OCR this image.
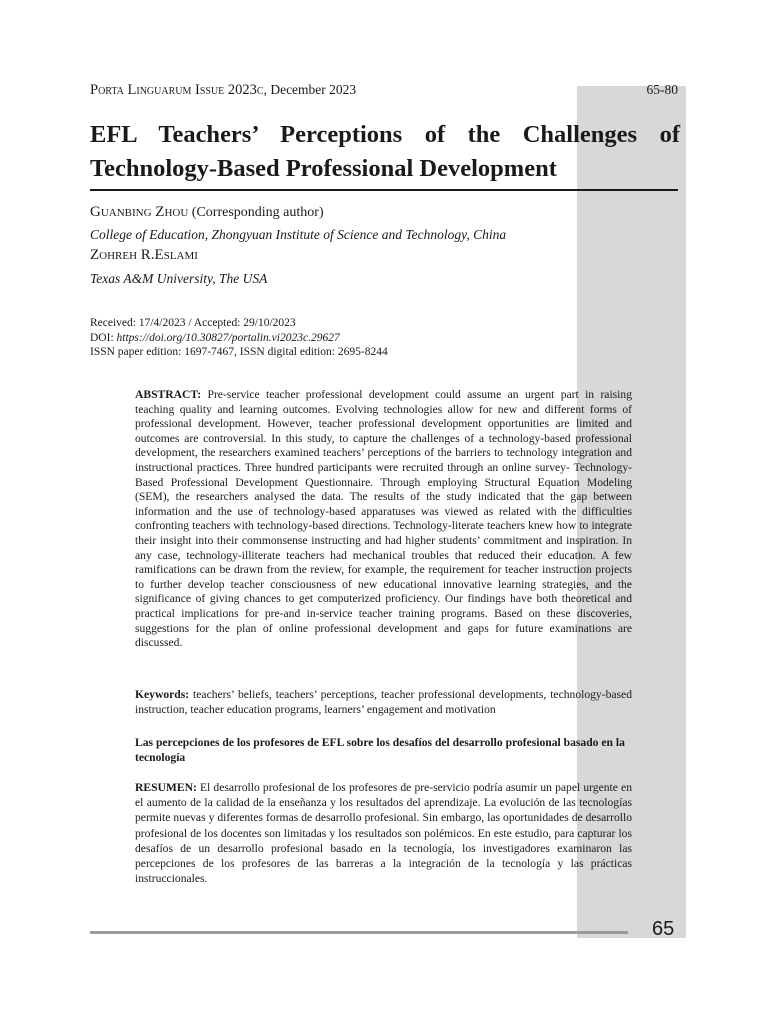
Porta Linguarum Issue 2023c, December 2023	65-80
EFL Teachers’ Perceptions of the Challenges of Technology-Based Professional Development
Guanbing Zhou (Corresponding author)
College of Education, Zhongyuan Institute of Science and Technology, China
Zohreh R.Eslami
Texas A&M University, The USA
Received: 17/4/2023 / Accepted: 29/10/2023
DOI: https://doi.org/10.30827/portalin.vi2023c.29627
ISSN paper edition: 1697-7467, ISSN digital edition: 2695-8244

ABSTRACT: Pre-service teacher professional development could assume an urgent part in raising teaching quality and learning outcomes. Evolving technologies allow for new and different forms of professional development. However, teacher professional development opportunities are limited and outcomes are controversial. In this study, to capture the challenges of a technology-based professional development, the researchers examined teachers’ perceptions of the barriers to technology integration and instructional practices. Three hundred participants were recruited through an online survey- Technology-Based Professional Development Questionnaire. Through employing Structural Equation Modeling (SEM), the researchers analysed the data. The results of the study indicated that the gap between information and the use of technology-based apparatuses was viewed as related with the difficulties confronting teachers with technology-based directions. Technology-literate teachers knew how to integrate their insight into their commonsense instructing and had higher students’ commitment and inspiration. In any case, technology-illiterate teachers had mechanical troubles that reduced their education. A few ramifications can be drawn from the review, for example, the requirement for teacher instruction projects to further develop teacher consciousness of new educational innovative learning strategies, and the significance of giving chances to get computerized proficiency. Our findings have both theoretical and practical implications for pre-and in-service teacher training programs. Based on these discoveries, suggestions for the plan of online professional development and gaps for future examinations are discussed.

Keywords: teachers’ beliefs, teachers’ perceptions, teacher professional developments, technology-based instruction, teacher education programs, learners’ engagement and motivation

Las percepciones de los profesores de EFL sobre los desafíos del desarrollo profesional basado en la tecnología

RESUMEN: El desarrollo profesional de los profesores de pre-servicio podría asumir un papel urgente en el aumento de la calidad de la enseñanza y los resultados del aprendizaje. La evolución de las tecnologías permite nuevas y diferentes formas de desarrollo profesional. Sin embargo, las oportunidades de desarrollo profesional de los docentes son limitadas y los resultados son polémicos. En este estudio, para capturar los desafíos de un desarrollo profesional basado en la tecnología, los investigadores examinaron las percepciones de los profesores de las barreras a la integración de la tecnología y las prácticas instruccionales.

65
